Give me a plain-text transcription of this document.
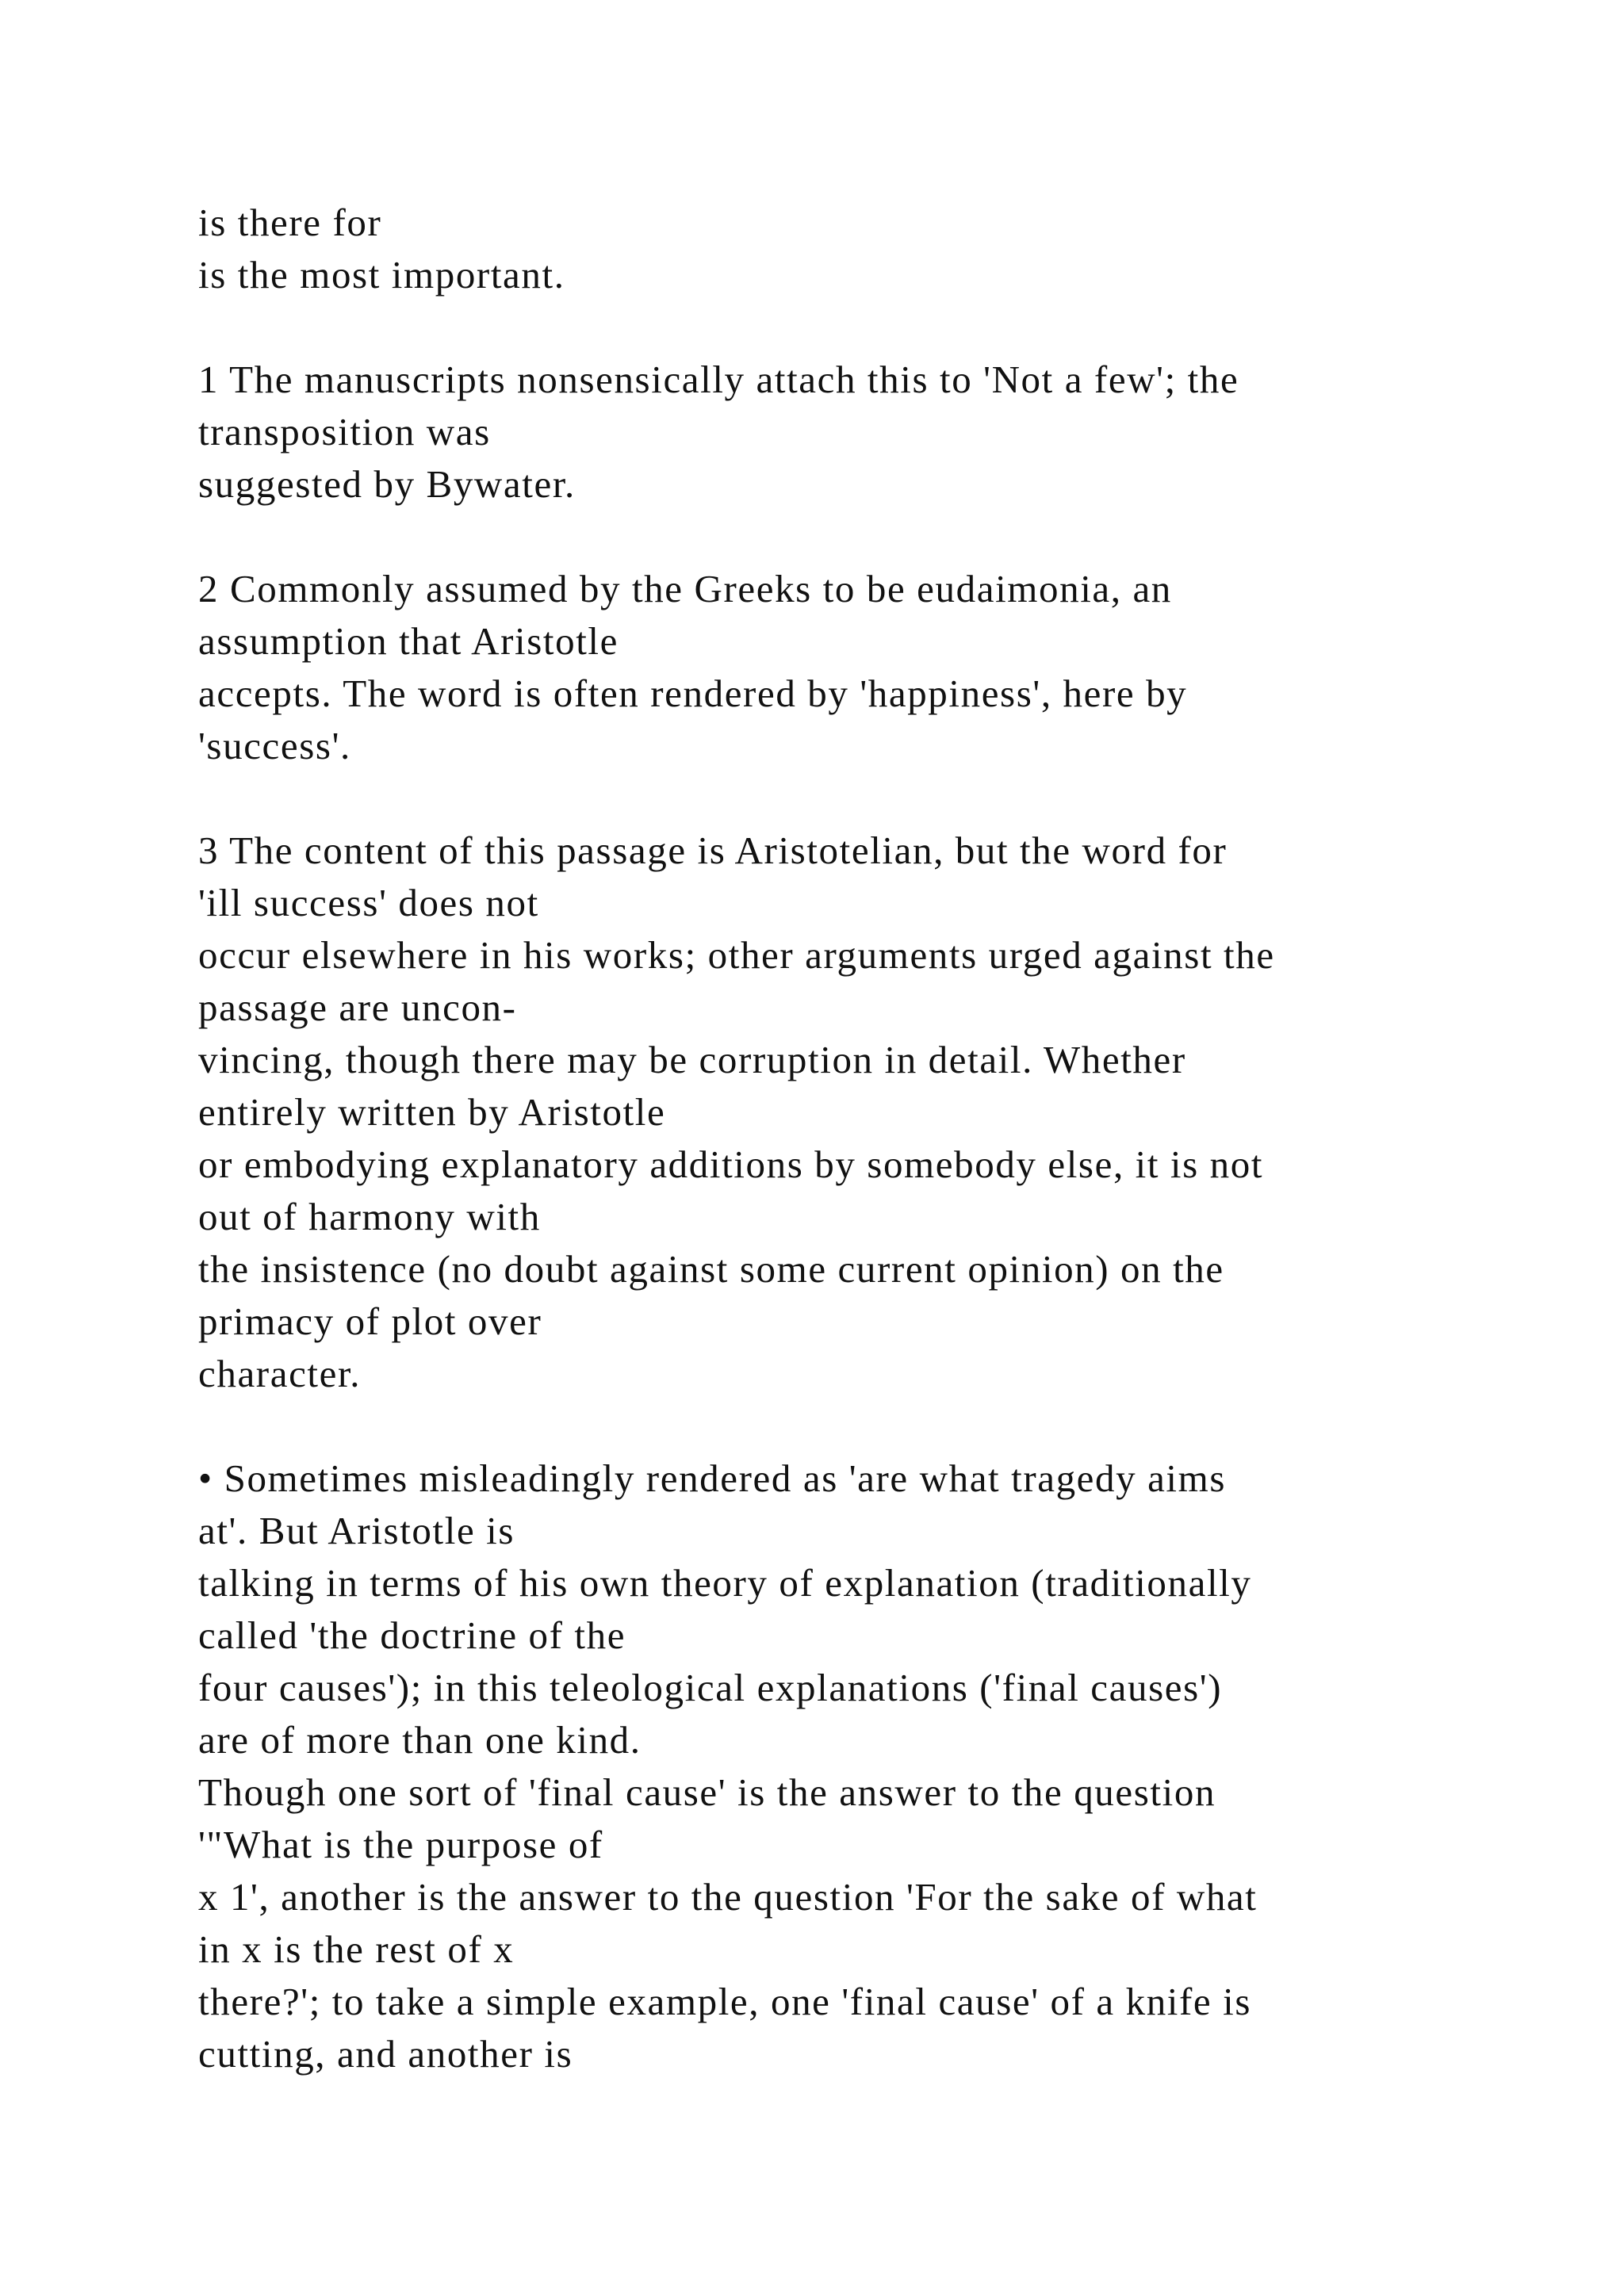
is there for
is the most important.
1 The manuscripts nonsensically attach this to 'Not a few'; the
transposition was
suggested by Bywater.
2 Commonly assumed by the Greeks to be eudaimonia, an
assumption that Aristotle
accepts. The word is often rendered by 'happiness', here by
'success'.
3 The content of this passage is Aristotelian, but the word for
'ill success' does not
occur elsewhere in his works; other arguments urged against the
passage are uncon-
vincing, though there may be corruption in detail. Whether
entirely written by Aristotle
or embodying explanatory additions by somebody else, it is not
out of harmony with
the insistence (no doubt against some current opinion) on the
primacy of plot over
character.
• Sometimes misleadingly rendered as 'are what tragedy aims
at'. But Aristotle is
talking in terms of his own theory of explanation (traditionally
called 'the doctrine of the
four causes'); in this teleological explanations ('final causes')
are of more than one kind.
Though one sort of 'final cause' is the answer to the question
'"What is the purpose of
x 1', another is the answer to the question 'For the sake of what
in x is the rest of x
there?'; to take a simple example, one 'final cause' of a knife is
cutting, and another is
